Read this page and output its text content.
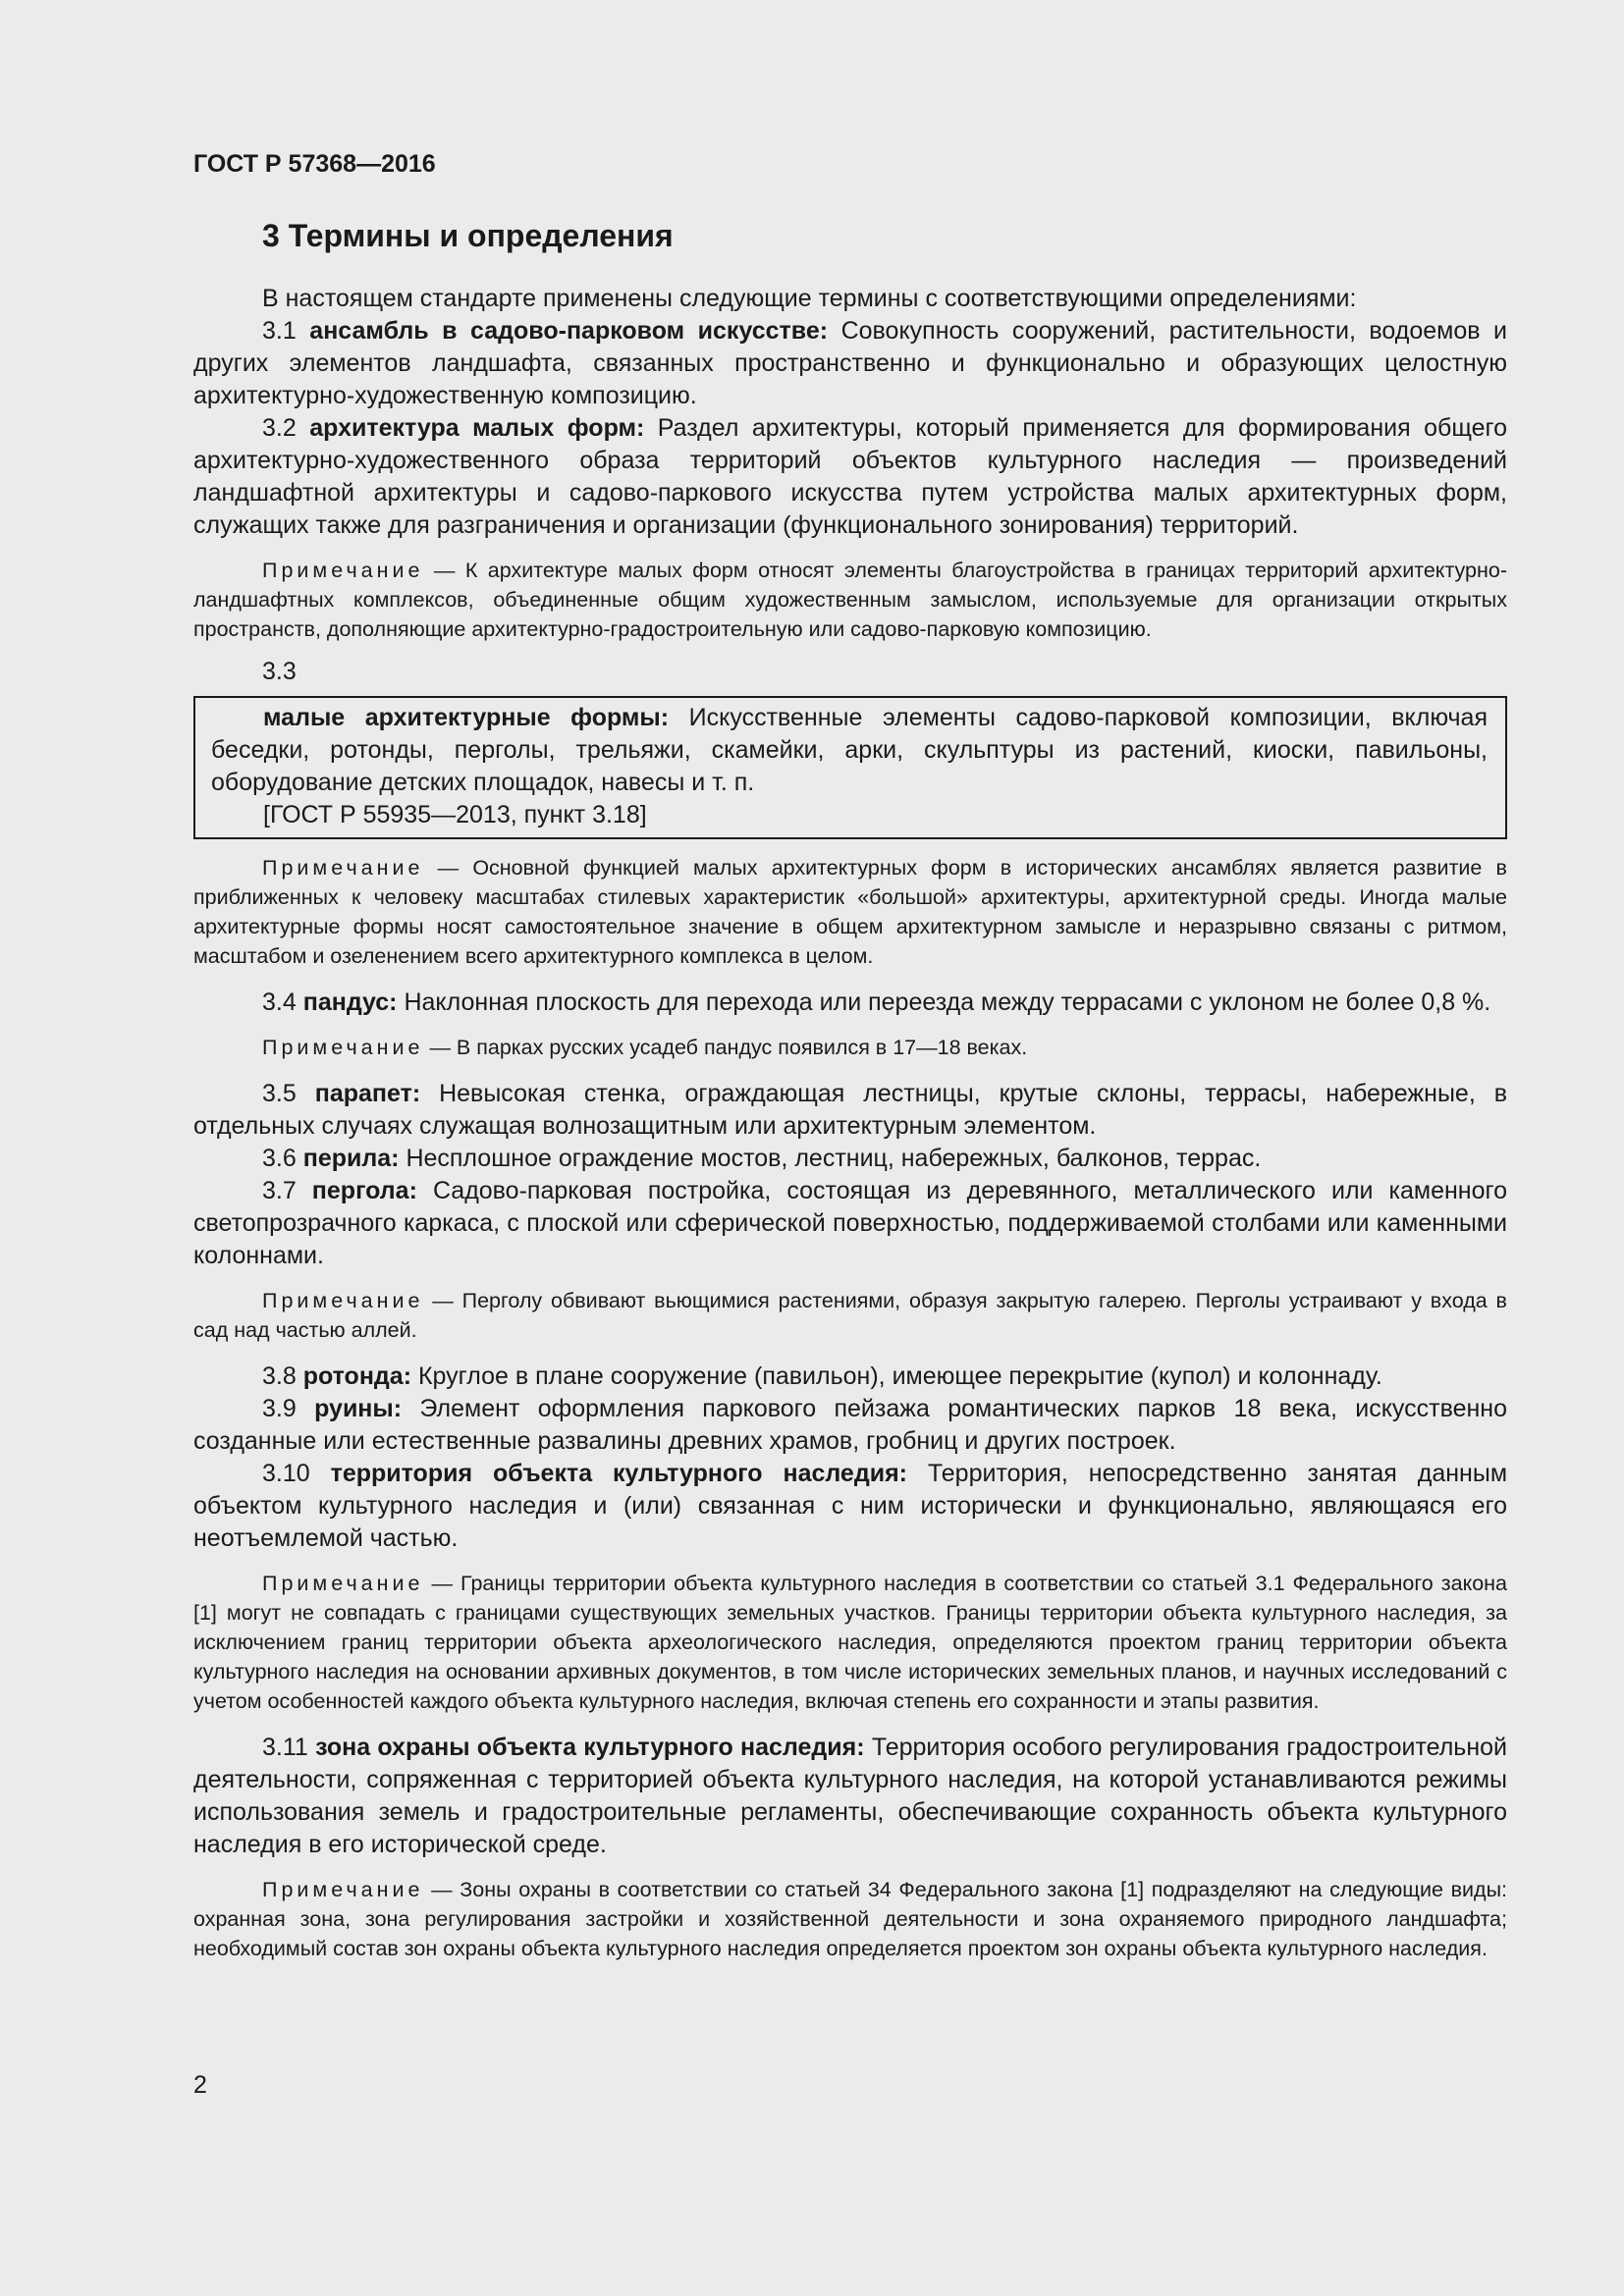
ГОСТ Р 57368—2016
3 Термины и определения

В настоящем стандарте применены следующие термины с соответствующими определениями:

3.1 ансамбль в садово-парковом искусстве: Совокупность сооружений, растительности, водоемов и других элементов ландшафта, связанных пространственно и функционально и образующих целостную архитектурно-художественную композицию.

3.2 архитектура малых форм: Раздел архитектуры, который применяется для формирования общего архитектурно-художественного образа территорий объектов культурного наследия — произведений ландшафтной архитектуры и садово-паркового искусства путем устройства малых архитектурных форм, служащих также для разграничения и организации (функционального зонирования) территорий.

Примечание — К архитектуре малых форм относят элементы благоустройства в границах территорий архитектурно-ландшафтных комплексов, объединенные общим художественным замыслом, используемые для организации открытых пространств, дополняющие архитектурно-градостроительную или садово-парковую композицию.

3.3

малые архитектурные формы: Искусственные элементы садово-парковой композиции, включая беседки, ротонды, перголы, трельяжи, скамейки, арки, скульптуры из растений, киоски, павильоны, оборудование детских площадок, навесы и т. п.

[ГОСТ Р 55935—2013, пункт 3.18]

Примечание — Основной функцией малых архитектурных форм в исторических ансамблях является развитие в приближенных к человеку масштабах стилевых характеристик «большой» архитектуры, архитектурной среды. Иногда малые архитектурные формы носят самостоятельное значение в общем архитектурном замысле и неразрывно связаны с ритмом, масштабом и озеленением всего архитектурного комплекса в целом.

3.4 пандус: Наклонная плоскость для перехода или переезда между террасами с уклоном не более 0,8 %.

Примечание — В парках русских усадеб пандус появился в 17—18 веках.

3.5 парапет: Невысокая стенка, ограждающая лестницы, крутые склоны, террасы, набережные, в отдельных случаях служащая волнозащитным или архитектурным элементом.

3.6 перила: Несплошное ограждение мостов, лестниц, набережных, балконов, террас.

3.7 пергола: Садово-парковая постройка, состоящая из деревянного, металлического или каменного светопрозрачного каркаса, с плоской или сферической поверхностью, поддерживаемой столбами или каменными колоннами.

Примечание — Перголу обвивают вьющимися растениями, образуя закрытую галерею. Перголы устраивают у входа в сад над частью аллей.

3.8 ротонда: Круглое в плане сооружение (павильон), имеющее перекрытие (купол) и колоннаду.

3.9 руины: Элемент оформления паркового пейзажа романтических парков 18 века, искусственно созданные или естественные развалины древних храмов, гробниц и других построек.

3.10 территория объекта культурного наследия: Территория, непосредственно занятая данным объектом культурного наследия и (или) связанная с ним исторически и функционально, являющаяся его неотъемлемой частью.

Примечание — Границы территории объекта культурного наследия в соответствии со статьей 3.1 Федерального закона [1] могут не совпадать с границами существующих земельных участков. Границы территории объекта культурного наследия, за исключением границ территории объекта археологического наследия, определяются проектом границ территории объекта культурного наследия на основании архивных документов, в том числе исторических земельных планов, и научных исследований с учетом особенностей каждого объекта культурного наследия, включая степень его сохранности и этапы развития.

3.11 зона охраны объекта культурного наследия: Территория особого регулирования градостроительной деятельности, сопряженная с территорией объекта культурного наследия, на которой устанавливаются режимы использования земель и градостроительные регламенты, обеспечивающие сохранность объекта культурного наследия в его исторической среде.

Примечание — Зоны охраны в соответствии со статьей 34 Федерального закона [1] подразделяют на следующие виды: охранная зона, зона регулирования застройки и хозяйственной деятельности и зона охраняемого природного ландшафта; необходимый состав зон охраны объекта культурного наследия определяется проектом зон охраны объекта культурного наследия.

2
